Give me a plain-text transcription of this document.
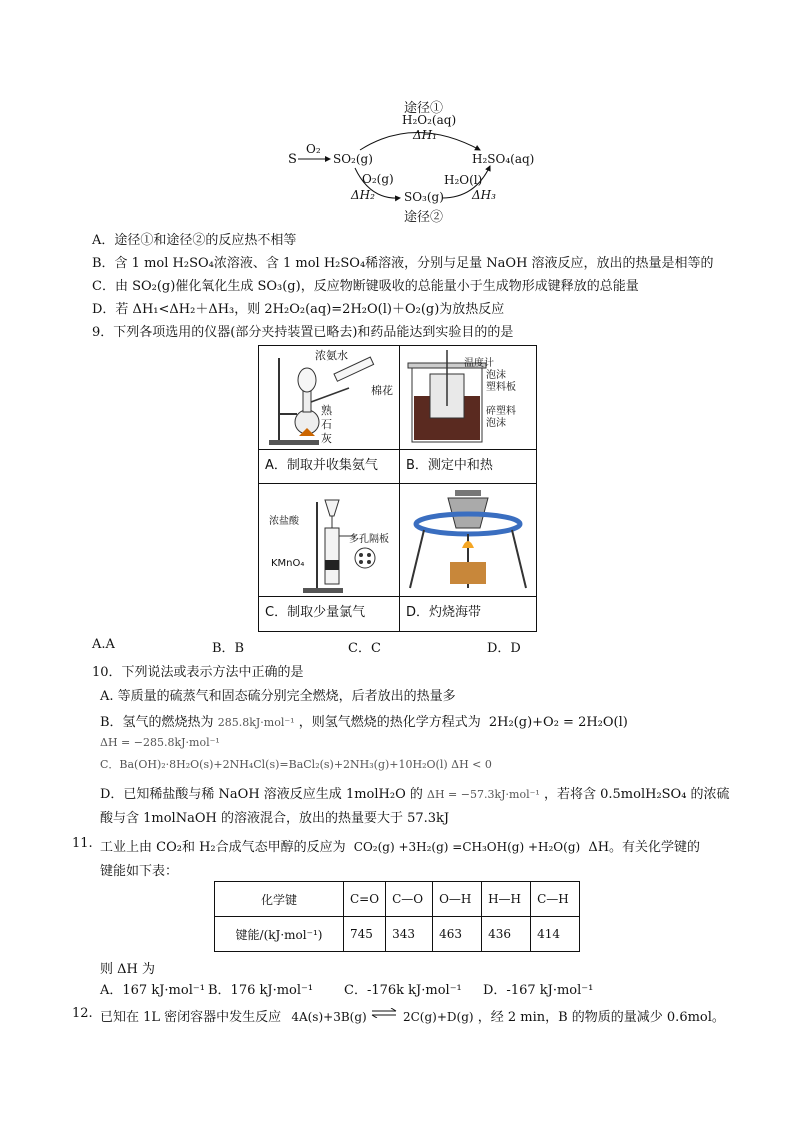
途径①
H₂O₂(aq)
ΔH₁
S
O₂
SO₂(g)
O₂(g)
ΔH₂ SO₃(g)
H₂O(l)
ΔH₃
H₂SO₄(aq)
途径②
A．途径①和途径②的反应热不相等
B．含 1 mol H₂SO₄浓溶液、含 1 mol H₂SO₄稀溶液，分别与足量 NaOH 溶液反应，放出的热量是相等的
C．由 SO₂(g)催化氧化生成 SO₃(g)，反应物断键吸收的总能量小于生成物形成键释放的总能量
D．若 ΔH₁<ΔH₂＋ΔH₃，则 2H₂O₂(aq)=2H₂O(l)＋O₂(g)为放热反应
9．下列各项选用的仪器(部分夹持装置已略去)和药品能达到实验目的的是
浓氨水
棉花
熟
石
灰
温度计
泡沫
塑料板
碎塑料
泡沫
A．制取并收集氨气	B．测定中和热
浓盐酸
多孔隔板
KMnO₄
C．制取少量氯气	D．灼烧海带
A.A	B．B	C．C	D．D
10．下列说法或表示方法中正确的是
A. 等质量的硫蒸气和固态硫分别完全燃烧，后者放出的热量多
B．氢气的燃烧热为 285.8kJ·mol⁻¹ ，则氢气燃烧的热化学方程式为 2H₂(g)+O₂ = 2H₂O(l)
ΔH = −285.8kJ·mol⁻¹
C．Ba(OH)₂·8H₂O(s)+2NH₄Cl(s)=BaCl₂(s)+2NH₃(g)+10H₂O(l) ΔH < 0
D．已知稀盐酸与稀 NaOH 溶液反应生成 1molH₂O 的 ΔH = −57.3kJ·mol⁻¹ ，若将含 0.5molH₂SO₄ 的浓硫
酸与含 1molNaOH 的溶液混合，放出的热量要大于 57.3kJ
11. 工业上由 CO₂和 H₂合成气态甲醇的反应为 CO₂(g) +3H₂(g) =CH₃OH(g) +H₂O(g) ΔH。有关化学键的
键能如下表：
化学键	C=O	C—O	O—H	H—H	C—H
键能/(kJ·mol⁻¹)	745	343	463	436	414
则 ΔH 为
A．167 kJ·mol⁻¹ B．176 kJ·mol⁻¹ C．-176k kJ·mol⁻¹ D．-167 kJ·mol⁻¹
12. 已知在 1L 密闭容器中发生反应 4A(s)+3B(g) ⇌ 2C(g)+D(g) ，经 2 min，B 的物质的量减少 0.6mol。
